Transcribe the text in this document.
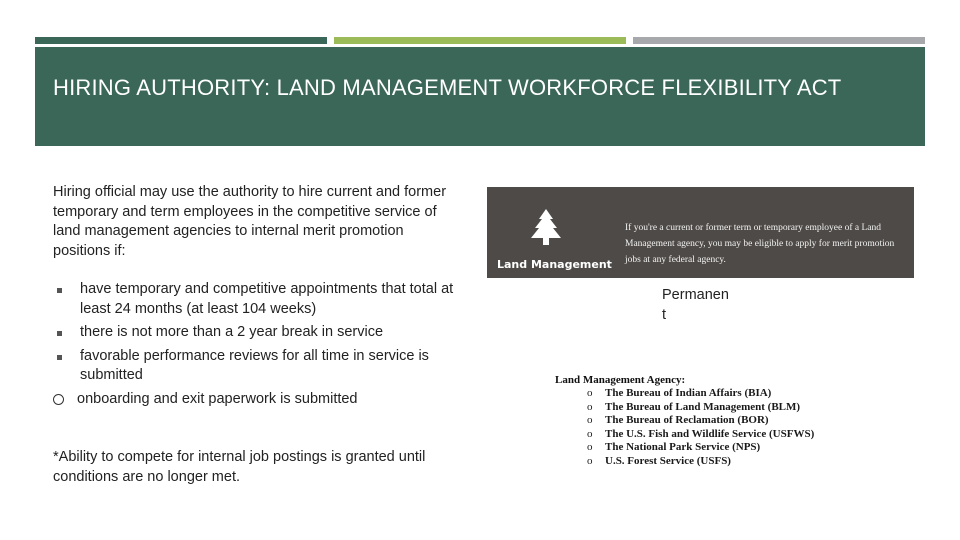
HIRING AUTHORITY: LAND MANAGEMENT WORKFORCE FLEXIBILITY ACT
Hiring official may use the authority to hire current and former temporary and term employees in the competitive service of land management agencies to internal merit promotion positions if:
have temporary and competitive appointments that total at least 24 months (at least 104 weeks)
there is not more than a 2 year break in service
favorable performance reviews for all time in service is submitted
onboarding and exit paperwork is submitted
*Ability to compete for internal job postings is granted until conditions are no longer met.
Land Management
If you're a current or former term or temporary employee of a Land Management agency, you may be eligible to apply for merit promotion jobs at any federal agency.
Permanen
t
Land Management Agency:
o The Bureau of Indian Affairs (BIA)
o The Bureau of Land Management (BLM)
o The Bureau of Reclamation (BOR)
o The U.S. Fish and Wildlife Service (USFWS)
o The National Park Service (NPS)
o U.S. Forest Service (USFS)
